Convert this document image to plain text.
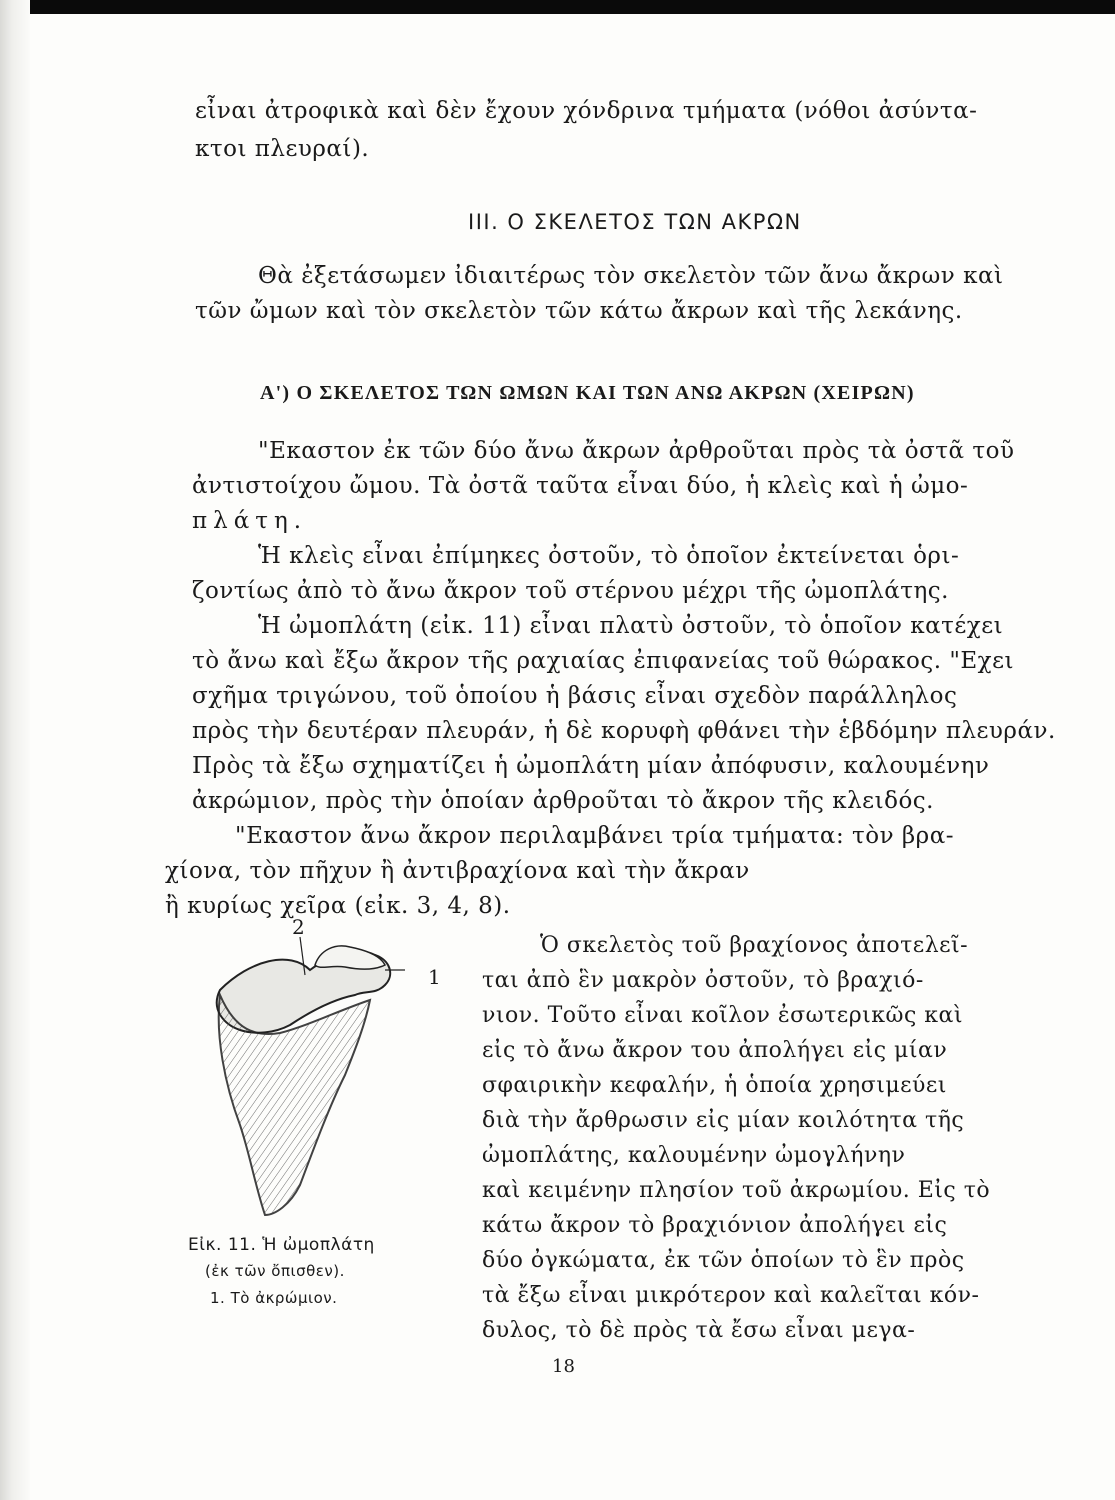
εἶναι ἀτροφικὰ καὶ δὲν ἔχουν χόνδρινα τμήματα (νόθοι ἀσύντα-
κτοι πλευραί).
ΙΙΙ. Ο ΣΚΕΛΕΤΟΣ ΤΩΝ ΑΚΡΩΝ
Θὰ ἐξετάσωμεν ἰδιαιτέρως τὸν σκελετὸν τῶν ἄνω ἄκρων καὶ
τῶν ὤμων καὶ τὸν σκελετὸν τῶν κάτω ἄκρων καὶ τῆς λεκάνης.
Α') Ο ΣΚΕΛΕΤΟΣ ΤΩΝ ΩΜΩΝ ΚΑΙ ΤΩΝ ΑΝΩ ΑΚΡΩΝ (ΧΕΙΡΩΝ)
"Εκαστον ἐκ τῶν δύο ἄνω ἄκρων ἀρθροῦται πρὸς τὰ ὀστᾶ τοῦ
ἀντιστοίχου ὤμου. Τὰ ὀστᾶ ταῦτα εἶναι δύο, ἡ κλεὶς καὶ ἡ ὠμο-
πλάτη.
Ἡ κλεὶς εἶναι ἐπίμηκες ὀστοῦν, τὸ ὁποῖον ἐκτείνεται ὁρι-
ζοντίως ἀπὸ τὸ ἄνω ἄκρον τοῦ στέρνου μέχρι τῆς ὠμοπλάτης.
Ἡ ὠμοπλάτη (εἰκ. 11) εἶναι πλατὺ ὀστοῦν, τὸ ὁποῖον κατέχει
τὸ ἄνω καὶ ἔξω ἄκρον τῆς ραχιαίας ἐπιφανείας τοῦ θώρακος. "Εχει
σχῆμα τριγώνου, τοῦ ὁποίου ἡ βάσις εἶναι σχεδὸν παράλληλος
πρὸς τὴν δευτέραν πλευράν, ἡ δὲ κορυφὴ φθάνει τὴν ἑβδόμην πλευράν.
Πρὸς τὰ ἔξω σχηματίζει ἡ ὠμοπλάτη μίαν ἀπόφυσιν, καλουμένην
ἀκρώμιον, πρὸς τὴν ὁποίαν ἀρθροῦται τὸ ἄκρον τῆς κλειδός.
"Εκαστον ἄνω ἄκρον περιλαμβάνει τρία τμήματα: τὸν βρα-
χίονα, τὸν πῆχυν ἢ ἀντιβραχίονα καὶ τὴν ἄκραν
ἢ κυρίως χεῖρα (εἰκ. 3, 4, 8).
Ὁ σκελετὸς τοῦ βραχίονος ἀποτελεῖ-
ται ἀπὸ ἓν μακρὸν ὀστοῦν, τὸ βραχιό-
νιον. Τοῦτο εἶναι κοῖλον ἐσωτερικῶς καὶ
εἰς τὸ ἄνω ἄκρον του ἀπολήγει εἰς μίαν
σφαιρικὴν κεφαλήν, ἡ ὁποία χρησιμεύει
διὰ τὴν ἄρθρωσιν εἰς μίαν κοιλότητα τῆς
ὠμοπλάτης, καλουμένην ὠμογλήνην
καὶ κειμένην πλησίον τοῦ ἀκρωμίου. Εἰς τὸ
κάτω ἄκρον τὸ βραχιόνιον ἀπολήγει εἰς
δύο ὀγκώματα, ἐκ τῶν ὁποίων τὸ ἓν πρὸς
τὰ ἔξω εἶναι μικρότερον καὶ καλεῖται κόν-
δυλος, τὸ δὲ πρὸς τὰ ἔσω εἶναι μεγα-
2
1
Εἰκ. 11. Ἡ ὠμοπλάτη
(ἐκ τῶν ὄπισθεν).
1. Τὸ ἀκρώμιον.
18
